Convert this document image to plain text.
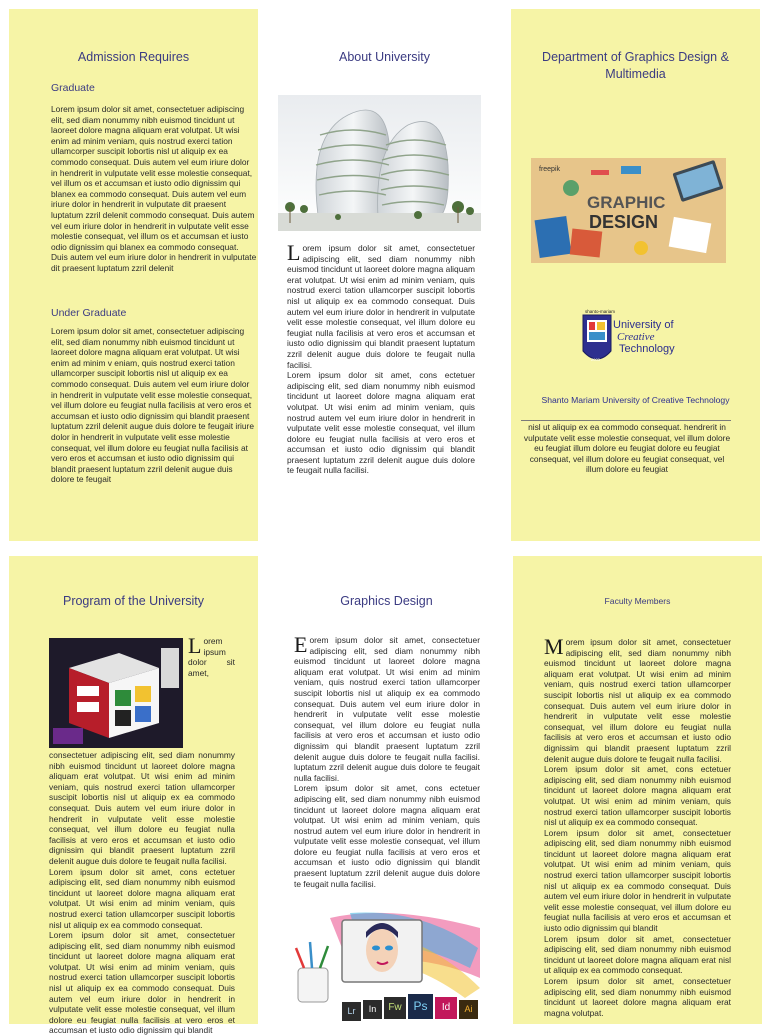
Admission Requires
Graduate
Lorem ipsum dolor sit amet, consectetuer adipiscing elit, sed diam nonummy nibh euismod tincidunt ut laoreet dolore magna aliquam erat volutpat. Ut wisi enim ad minim veniam, quis nostrud exerci tation ullamcorper suscipit lobortis nisl ut aliquip ex ea commodo consequat. Duis autem vel eum iriure dolor in hendrerit in vulputate velit esse molestie consequat, vel illum os et accumsan et iusto odio dignissim qui blanex ea commodo consequat. Duis autem vel eum iriure dolor in hendrerit in vulputate dit praesent luptatum zzril delenit commodo consequat. Duis autem vel eum iriure dolor in hendrerit in vulputate velit esse molestie consequat, vel illum os et accumsan et iusto odio dignissim qui blanex ea commodo consequat. Duis autem vel eum iriure dolor in hendrerit in vulputate dit praesent luptatum zzril delenit
Under Graduate
Lorem ipsum dolor sit amet, consectetuer adipiscing elit, sed diam nonummy nibh euismod tincidunt ut laoreet dolore magna aliquam erat volutpat. Ut wisi enim ad minim v eniam, quis nostrud exerci tation ullamcorper suscipit lobortis nisl ut aliquip ex ea commodo consequat. Duis autem vel eum iriure dolor in hendrerit in vulputate velit esse molestie consequat, vel illum dolore eu feugiat nulla facilisis at vero eros et accumsan et iusto odio dignissim qui blandit praesent luptatum zzril delenit augue duis dolore te feugait iriure dolor in hendrerit in vulputate velit esse molestie consequat, vel illum dolore eu feugiat nulla facilisis at vero eros et accumsan et iusto odio dignissim qui blandit praesent luptatum zzril delenit augue duis dolore te feugait
About University
Lorem ipsum dolor sit amet, consectetuer adipiscing elit, sed diam nonummy nibh euismod tincidunt ut laoreet dolore magna aliquam erat volutpat. Ut wisi enim ad minim veniam, quis nostrud exerci tation ullamcorper suscipit lobortis nisl ut aliquip ex ea commodo consequat. Duis autem vel eum iriure dolor in hendrerit in vulputate velit esse molestie consequat, vel illum dolore eu feugiat nulla facilisis at vero eros et accumsan et iusto odio dignissim qui blandit praesent luptatum zzril delenit augue duis dolore te feugait nulla facilisi.
Lorem ipsum dolor sit amet, cons ectetuer adipiscing elit, sed diam nonummy nibh euismod tincidunt ut laoreet dolore magna aliquam erat volutpat. Ut wisi enim ad minim veniam, quis nostrud autem vel eum iriure dolor in hendrerit in vulputate velit esse molestie consequat, vel illum dolore eu feugiat nulla facilisis at vero eros et accumsan et iusto odio dignissim qui blandit praesent luptatum zzril delenit augue duis dolore te feugait nulla facilisi.
Department of Graphics Design & Multimedia
freepik
GRAPHIC
DESIGN
shanto-mariam
2003
University of
Creative
Technology
Shanto Mariam University of Creative Technology
nisl ut aliquip ex ea commodo consequat. hendrerit in vulputate velit esse molestie consequat, vel illum dolore eu feugiat illum dolore eu feugiat dolore eu feugiat consequat, vel illum dolore eu feugiat consequat, vel illum dolore eu feugiat
Program of the University
Lorem ipsum dolor sit amet, consectetuer adipiscing elit, sed diam nonummy nibh euismod tincidunt ut laoreet dolore magna aliquam erat volutpat. Ut wisi enim ad minim veniam, quis nostrud exerci tation ullamcorper suscipit lobortis nisl ut aliquip ex ea commodo consequat. Duis autem vel eum iriure dolor in hendrerit in vulputate velit esse molestie consequat, vel illum dolore eu feugiat nulla facilisis at vero eros et accumsan et iusto odio dignissim qui blandit praesent luptatum zzril delenit augue duis dolore te feugait nulla facilisi.
Lorem ipsum dolor sit amet, cons ectetuer adipiscing elit, sed diam nonummy nibh euismod tincidunt ut laoreet dolore magna aliquam erat volutpat. Ut wisi enim ad minim veniam, quis nostrud exerci tation ullamcorper suscipit lobortis nisl ut aliquip ex ea commodo consequat.
Lorem ipsum dolor sit amet, consectetuer adipiscing elit, sed diam nonummy nibh euismod tincidunt ut laoreet dolore magna aliquam erat volutpat. Ut wisi enim ad minim veniam, quis nostrud exerci tation ullamcorper suscipit lobortis nisl ut aliquip ex ea commodo consequat. Duis autem vel eum iriure dolor in hendrerit in vulputate velit esse molestie consequat, vel illum dolore eu feugiat nulla facilisis at vero eros et accumsan et iusto odio dignissim qui blandit
Graphics Design
Eorem ipsum dolor sit amet, consectetuer adipiscing elit, sed diam nonummy nibh euismod tincidunt ut laoreet dolore magna aliquam erat volutpat. Ut wisi enim ad minim veniam, quis nostrud exerci tation ullamcorper suscipit lobortis nisl ut aliquip ex ea commodo consequat. Duis autem vel eum iriure dolor in hendrerit in vulputate velit esse molestie consequat, vel illum dolore eu feugiat nulla facilisis at vero eros et accumsan et iusto odio dignissim qui blandit praesent luptatum zzril delenit augue duis dolore te feugait nulla facilisi. luptatum zzril delenit augue duis dolore te feugait nulla facilisi.
Lorem ipsum dolor sit amet, cons ectetuer adipiscing elit, sed diam nonummy nibh euismod tincidunt ut laoreet dolore magna aliquam erat volutpat. Ut wisi enim ad minim veniam, quis nostrud autem vel eum iriure dolor in hendrerit in vulputate velit esse molestie consequat, vel illum dolore eu feugiat nulla facilisis at vero eros et accumsan et iusto odio dignissim qui blandit praesent luptatum zzril delenit augue duis dolore te feugait nulla facilisi.
Lr	In	Fw Ps	Id	Ai
Faculty Members
Morem ipsum dolor sit amet, consectetuer adipiscing elit, sed diam nonummy nibh euismod tincidunt ut laoreet dolore magna aliquam erat volutpat. Ut wisi enim ad minim veniam, quis nostrud exerci tation ullamcorper suscipit lobortis nisl ut aliquip ex ea commodo consequat. Duis autem vel eum iriure dolor in hendrerit in vulputate velit esse molestie consequat, vel illum dolore eu feugiat nulla facilisis at vero eros et accumsan et iusto odio dignissim qui blandit praesent luptatum zzril delenit augue duis dolore te feugait nulla facilisi.
Lorem ipsum dolor sit amet, cons ectetuer adipiscing elit, sed diam nonummy nibh euismod tincidunt ut laoreet dolore magna aliquam erat volutpat. Ut wisi enim ad minim veniam, quis nostrud exerci tation ullamcorper suscipit lobortis nisl ut aliquip ex ea commodo consequat.
Lorem ipsum dolor sit amet, consectetuer adipiscing elit, sed diam nonummy nibh euismod tincidunt ut laoreet dolore magna aliquam erat volutpat. Ut wisi enim ad minim veniam, quis nostrud exerci tation ullamcorper suscipit lobortis nisl ut aliquip ex ea commodo consequat. Duis autem vel eum iriure dolor in hendrerit in vulputate velit esse molestie consequat, vel illum dolore eu feugiat nulla facilisis at vero eros et accumsan et iusto odio dignissim qui blandit
Lorem ipsum dolor sit amet, consectetuer adipiscing elit, sed diam nonummy nibh euismod tincidunt ut laoreet dolore magna aliquam erat nisl ut aliquip ex ea commodo consequat.
Lorem ipsum dolor sit amet, consectetuer adipiscing elit, sed diam nonummy nibh euismod tincidunt ut laoreet dolore magna aliquam erat magna volutpat.
